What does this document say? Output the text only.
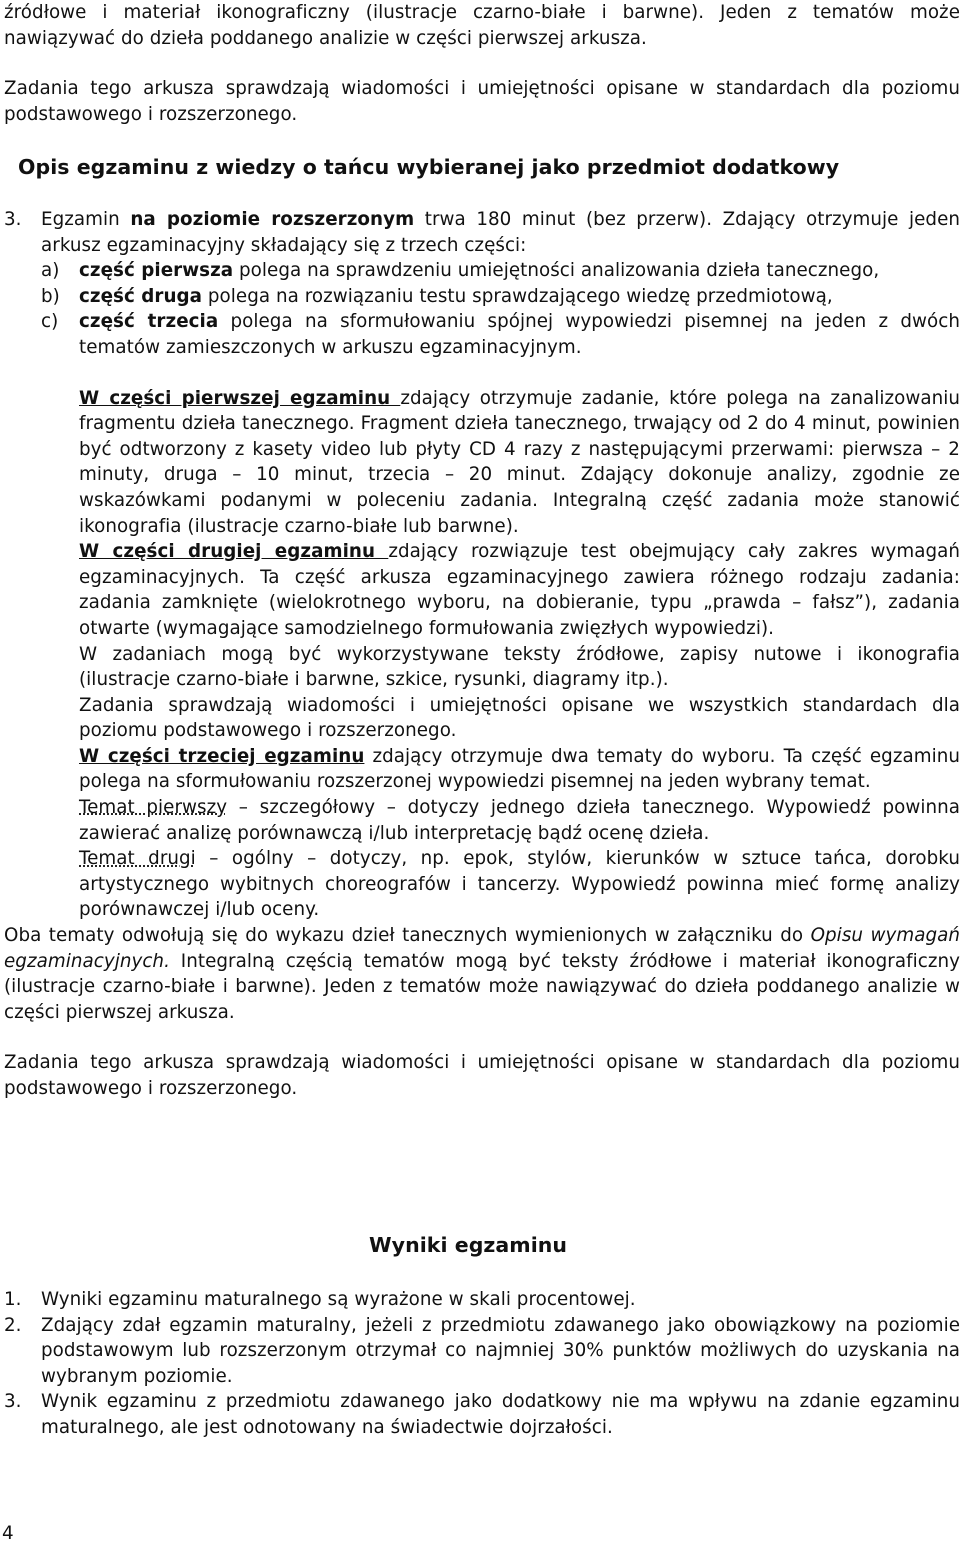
źródłowe i materiał ikonograficzny (ilustracje czarno-białe i barwne). Jeden z tematów może nawiązywać do dzieła poddanego analizie w części pierwszej arkusza.

Zadania tego arkusza sprawdzają wiadomości i umiejętności opisane w standardach dla poziomu podstawowego i rozszerzonego.

Opis egzaminu z wiedzy o tańcu wybieranej jako przedmiot dodatkowy
3.	Egzamin na poziomie rozszerzonym trwa 180 minut (bez przerw). Zdający otrzymuje jeden arkusz egzaminacyjny składający się z trzech części:

a)	część pierwsza polega na sprawdzeniu umiejętności analizowania dzieła tanecznego,

b)	część druga polega na rozwiązaniu testu sprawdzającego wiedzę przedmiotową,

c)	część trzecia polega na sformułowaniu spójnej wypowiedzi pisemnej na jeden z dwóch tematów zamieszczonych w arkuszu egzaminacyjnym.

W części pierwszej egzaminu zdający otrzymuje zadanie, które polega na zanalizowaniu fragmentu dzieła tanecznego. Fragment dzieła tanecznego, trwający od 2 do 4 minut, powinien być odtworzony z kasety video lub płyty CD 4 razy z następującymi przerwami: pierwsza – 2 minuty, druga – 10 minut, trzecia – 20 minut. Zdający dokonuje analizy, zgodnie ze wskazówkami podanymi w poleceniu zadania. Integralną część zadania może stanowić ikonografia (ilustracje czarno-białe lub barwne).

W części drugiej egzaminu zdający rozwiązuje test obejmujący cały zakres wymagań egzaminacyjnych. Ta część arkusza egzaminacyjnego zawiera różnego rodzaju zadania: zadania zamknięte (wielokrotnego wyboru, na dobieranie, typu „prawda – fałsz”), zadania otwarte (wymagające samodzielnego formułowania zwięzłych wypowiedzi).

W zadaniach mogą być wykorzystywane teksty źródłowe, zapisy nutowe i ikonografia (ilustracje czarno-białe i barwne, szkice, rysunki, diagramy itp.).

Zadania sprawdzają wiadomości i umiejętności opisane we wszystkich standardach dla poziomu podstawowego i rozszerzonego.

W części trzeciej egzaminu zdający otrzymuje dwa tematy do wyboru. Ta część egzaminu polega na sformułowaniu rozszerzonej wypowiedzi pisemnej na jeden wybrany temat.

Temat pierwszy – szczegółowy – dotyczy jednego dzieła tanecznego. Wypowiedź powinna zawierać analizę porównawczą i/lub interpretację bądź ocenę dzieła.

Temat drugi – ogólny – dotyczy, np. epok, stylów, kierunków w sztuce tańca, dorobku artystycznego wybitnych choreografów i tancerzy. Wypowiedź powinna mieć formę analizy porównawczej i/lub oceny.

Oba tematy odwołują się do wykazu dzieł tanecznych wymienionych w załączniku do Opisu wymagań egzaminacyjnych. Integralną częścią tematów mogą być teksty źródłowe i materiał ikonograficzny (ilustracje czarno-białe i barwne). Jeden z tematów może nawiązywać do dzieła poddanego analizie w części pierwszej arkusza.

Zadania tego arkusza sprawdzają wiadomości i umiejętności opisane w standardach dla poziomu podstawowego i rozszerzonego.

Wyniki egzaminu
1.	Wyniki egzaminu maturalnego są wyrażone w skali procentowej.

2.	Zdający zdał egzamin maturalny, jeżeli z przedmiotu zdawanego jako obowiązkowy na poziomie podstawowym lub rozszerzonym otrzymał co najmniej 30% punktów możliwych do uzyskania na wybranym poziomie.

3.	Wynik egzaminu z przedmiotu zdawanego jako dodatkowy nie ma wpływu na zdanie egzaminu maturalnego, ale jest odnotowany na świadectwie dojrzałości.

4
